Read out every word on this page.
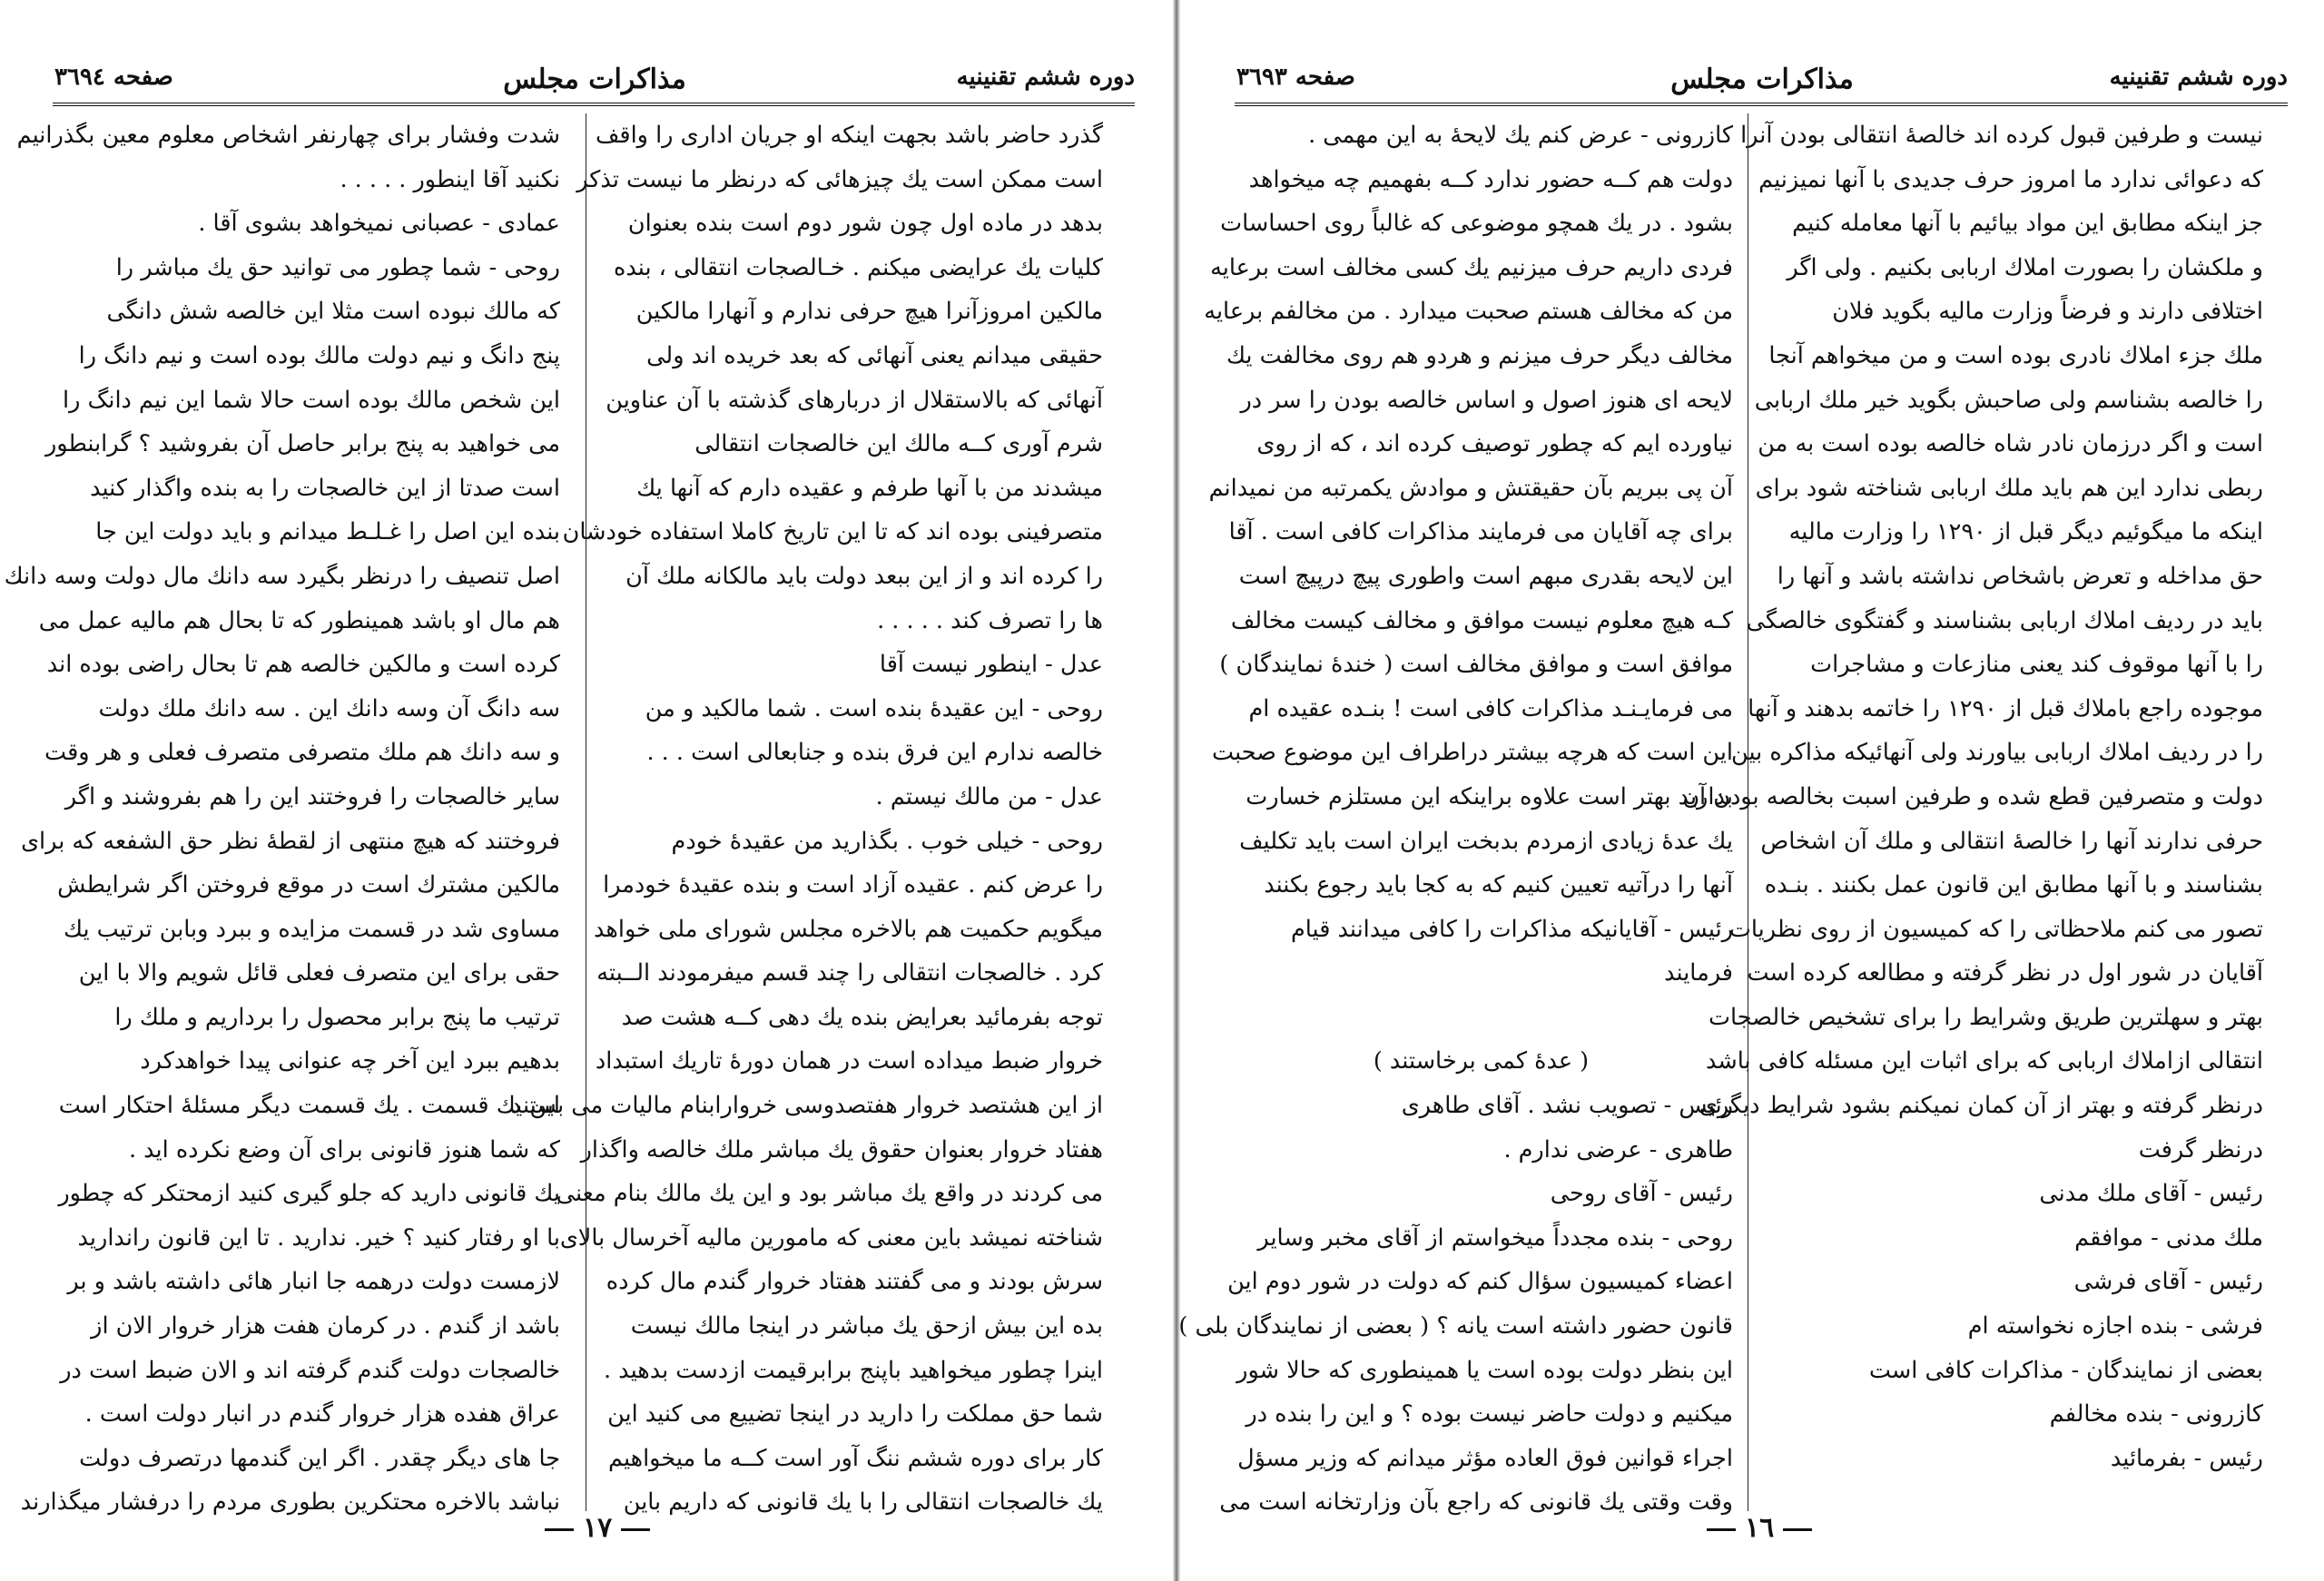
دوره ششم تقنينيه
مذاكرات مجلس
صفحه ٣٦٩٤

گذرد حاضر باشد بجهت اینکه او جریان اداری را واقف

است ممکن است یك چیزهائی که درنظر ما نیست تذکر

بدهد در ماده اول چون شور دوم است بنده بعنوان

کلیات یك عرایضی میکنم . خـالصجات انتقالی ، بنده

مالکین امروزآنرا هیچ حرفی ندارم و آنهارا مالکین

حقیقی میدانم یعنی آنهائی که بعد خریده اند ولی

آنهائی که بالاستقلال از دربارهای گذشته با آن عناوین

شرم آوری کــه مالك این خالصجات انتقالی

میشدند من با آنها طرفم و عقیده دارم که آنها یك

متصرفینی بوده اند که تا این تاریخ کاملا استفاده خودشان

را کرده اند و از این ببعد دولت باید مالکانه ملك آن

ها را تصرف کند . . . . .

عدل - اینطور نیست آقا

روحی - این عقیدهٔ بنده است . شما مالکید و من

خالصه ندارم این فرق بنده و جنابعالی است . . .

عدل - من مالك نیستم .

روحی - خیلی خوب . بگذارید من عقیدهٔ خودم

را عرض کنم . عقیده آزاد است و بنده عقیدهٔ خودمرا

میگویم حکمیت هم بالاخره مجلس شورای ملی خواهد

کرد . خالصجات انتقالی را چند قسم میفرمودند الــبته

توجه بفرمائید بعرایض بنده یك دهی کــه هشت صد

خروار ضبط میداده است در همان دورهٔ تاریك استبداد

از این هشتصد خروار هفتصدوسی خروارابنام مالیات می بستند

هفتاد خروار بعنوان حقوق یك مباشر ملك خالصه واگذار

می کردند در واقع یك مباشر بود و این یك مالك بنام معنی

شناخته نمیشد باین معنی که مامورین مالیه آخرسال بالای

سرش بودند و می گفتند هفتاد خروار گندم مال کرده

بده این بیش ازحق یك مباشر در اینجا مالك نیست

اینرا چطور میخواهید باپنج برابرقیمت ازدست بدهید .

شما حق مملکت را دارید در اینجا تضییع می کنید این

کار برای دوره ششم ننگ آور است کــه ما میخواهیم

یك خالصجات انتقالی را با یك قانونی که داریم باین

شدت وفشار برای چهارنفر اشخاص معلوم معین بگذرانیم

نکنید آقا اینطور . . . . .

عمادی - عصبانی نمیخواهد بشوی آقا .

روحی - شما چطور می توانید حق یك مباشر را

که مالك نبوده است مثلا این خالصه شش دانگی

پنج دانگ و نیم دولت مالك بوده است و نیم دانگ را

این شخص مالك بوده است حالا شما این نیم دانگ را

می خواهید به پنج برابر حاصل آن بفروشید ؟ گرابنطور

است صدتا از این خالصجات را به بنده واگذار کنید

بنده این اصل را غـلـط میدانم و باید دولت این جا

اصل تنصیف را درنظر بگیرد سه دانك مال دولت وسه دانك

هم مال او باشد همینطور که تا بحال هم مالیه عمل می

کرده است و مالکین خالصه هم تا بحال راضی بوده اند

سه دانگ آن وسه دانك این . سه دانك ملك دولت

و سه دانك هم ملك متصرفی متصرف فعلی و هر وقت

سایر خالصجات را فروختند این را هم بفروشند و اگر

فروختند که هیچ منتهی از لقطهٔ نظر حق الشفعه که برای

مالکین مشترك است در موقع فروختن اگر شرایطش

مساوی شد در قسمت مزایده و ببرد وبابن ترتیب یك

حقی برای این متصرف فعلی قائل شویم والا با این

ترتیب ما پنج برابر محصول را برداریم و ملك را

بدهیم ببرد این آخر چه عنوانی پیدا خواهدکرد

این یك قسمت . یك قسمت دیگر مسئلهٔ احتکار است

که شما هنوز قانونی برای آن وضع نکرده اید .

یك قانونی دارید که جلو گیری کنید ازمحتکر که چطور

با او رفتار کنید ؟ خیر. ندارید . تا این قانون راندارید

لازمست دولت درهمه جا انبار هائی داشته باشد و بر

باشد از گندم . در کرمان هفت هزار خروار الان از

خالصجات دولت گندم گرفته اند و الان ضبط است در

عراق هفده هزار خروار گندم در انبار دولت است .

جا های دیگر چقدر . اگر این گندمها درتصرف دولت

نباشد بالاخره محتکرین بطوری مردم را درفشار میگذارند

١٧
دوره ششم تقنينيه
مذاكرات مجلس
صفحه ٣٦٩٣

نیست و طرفین قبول کرده اند خالصهٔ انتقالی بودن آنرا

که دعوائی ندارد ما امروز حرف جدیدی با آنها نمیزنیم

جز اینکه مطابق این مواد بیائیم با آنها معامله کنیم

و ملکشان را بصورت املاك اربابی بکنیم . ولی اگر

اختلافی دارند و فرضاً وزارت مالیه بگوید فلان

ملك جزء املاك نادری بوده است و من میخواهم آنجا

را خالصه بشناسم ولی صاحبش بگوید خیر ملك اربابی

است و اگر درزمان نادر شاه خالصه بوده است به من

ربطی ندارد این هم باید ملك اربابی شناخته شود برای

اینکه ما میگوئیم دیگر قبل از ١٢٩٠ را وزارت مالیه

حق مداخله و تعرض باشخاص نداشته باشد و آنها را

باید در ردیف املاك اربابی بشناسند و گفتگوی خالصگی

را با آنها موقوف کند یعنی منازعات و مشاجرات

موجوده راجع باملاك قبل از ١٢٩٠ را خاتمه بدهند و آنها

را در ردیف املاك اربابی بیاورند ولی آنهائیکه مذاکره بین

دولت و متصرفین قطع شده و طرفین اسبت بخالصه بودن آن

حرفی ندارند آنها را خالصهٔ انتقالی و ملك آن اشخاص

بشناسند و با آنها مطابق این قانون عمل بکنند . بنـده

تصور می کنم ملاحظاتی را که کمیسیون از روی نظریات

آقایان در شور اول در نظر گرفته و مطالعه کرده است

بهتر و سهلترین طریق وشرایط را برای تشخیص خالصجات

انتقالی ازاملاك اربابی که برای اثبات این مسئله کافی باشد

درنظر گرفته و بهتر از آن کمان نمیکنم بشود شرایط دیگری

درنظر گرفت

رئیس - آقای ملك مدنی

ملك مدنی - موافقم

رئیس - آقای فرشی

فرشی - بنده اجازه نخواسته ام

بعضی از نمایندگان - مذاکرات کافی است

کازرونی - بنده مخالفم

رئیس - بفرمائید

کازرونی - عرض کنم یك لایحهٔ به این مهمی .

دولت هم کــه حضور ندارد کــه بفهمیم چه میخواهد

بشود . در یك همچو موضوعی که غالباً روی احساسات

فردی داریم حرف میزنیم یك کسی مخالف است برعایه

من که مخالف هستم صحبت میدارد . من مخالفم برعایه

مخالف دیگر حرف میزنم و هردو هم روی مخالفت یك

لایحه ای هنوز اصول و اساس خالصه بودن را سر در

نیاورده ایم که چطور توصیف کرده اند ، که از روی

آن پی ببریم بآن حقیقتش و موادش یکمرتبه من نمیدانم

برای چه آقایان می فرمایند مذاکرات کافی است . آقا

این لایحه بقدری مبهم است واطوری پیچ درپیچ است

کـه هیچ معلوم نیست موافق و مخالف کیست مخالف

موافق است و موافق مخالف است ( خندهٔ نمایندگان )

می فرمایـنـد مذاکرات کافی است ! بنـده عقیده ام

این است که هرچه بیشتر دراطراف این موضوع صحبت

بدارید بهتر است علاوه براینکه این مستلزم خسارت

یك عدهٔ زیادی ازمردم بدبخت ایران است باید تکلیف

آنها را درآتیه تعیین کنیم که به کجا باید رجوع بکنند

رئیس - آقایانیکه مذاکرات را کافی میدانند قیام

فرمایند

( عدهٔ کمی برخاستند )

رئیس - تصویب نشد . آقای طاهری

طاهری - عرضی ندارم .

رئیس - آقای روحی

روحی - بنده مجدداً میخواستم از آقای مخبر وسایر

اعضاء کمیسیون سؤال کنم که دولت در شور دوم این

قانون حضور داشته است یانه ؟ ( بعضی از نمایندگان بلی )

این بنظر دولت بوده است یا همینطوری که حالا شور

میکنیم و دولت حاضر نیست بوده ؟ و این را بنده در

اجراء قوانین فوق العاده مؤثر میدانم که وزیر مسؤل

وقت وقتی یك قانونی که راجع بآن وزارتخانه است می

١٦
